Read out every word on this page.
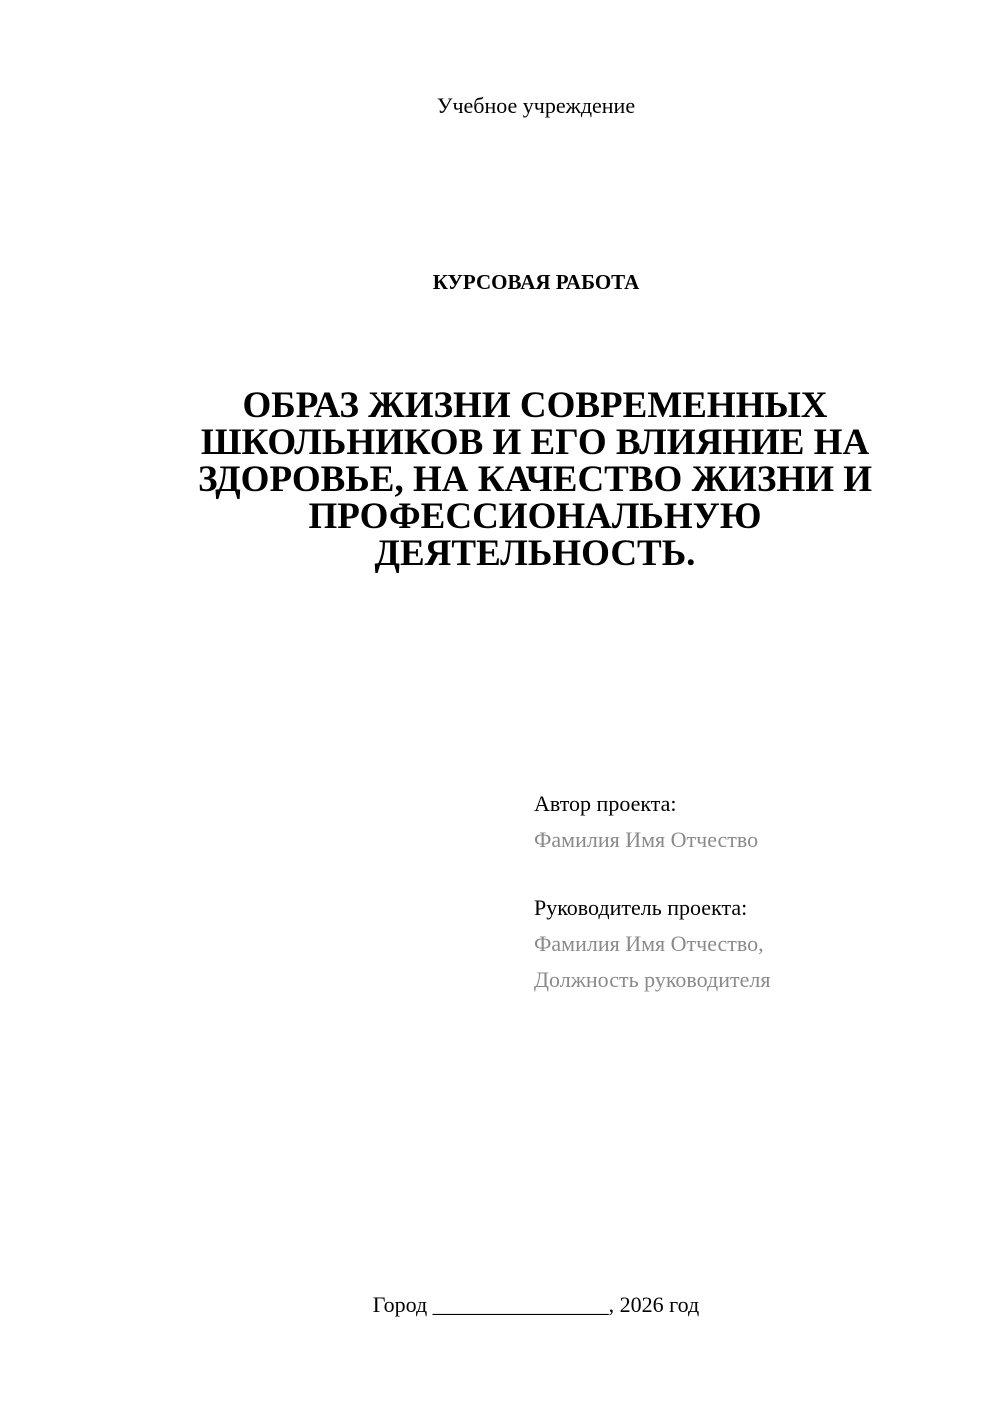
Учебное учреждение
КУРСОВАЯ РАБОТА
ОБРАЗ ЖИЗНИ СОВРЕМЕННЫХ
ШКОЛЬНИКОВ И ЕГО ВЛИЯНИЕ НА
ЗДОРОВЬЕ, НА КАЧЕСТВО ЖИЗНИ И
ПРОФЕССИОНАЛЬНУЮ
ДЕЯТЕЛЬНОСТЬ.
Автор проекта:
Фамилия Имя Отчество
Руководитель проекта:
Фамилия Имя Отчество,
Должность руководителя
Город ________________, 2026 год
